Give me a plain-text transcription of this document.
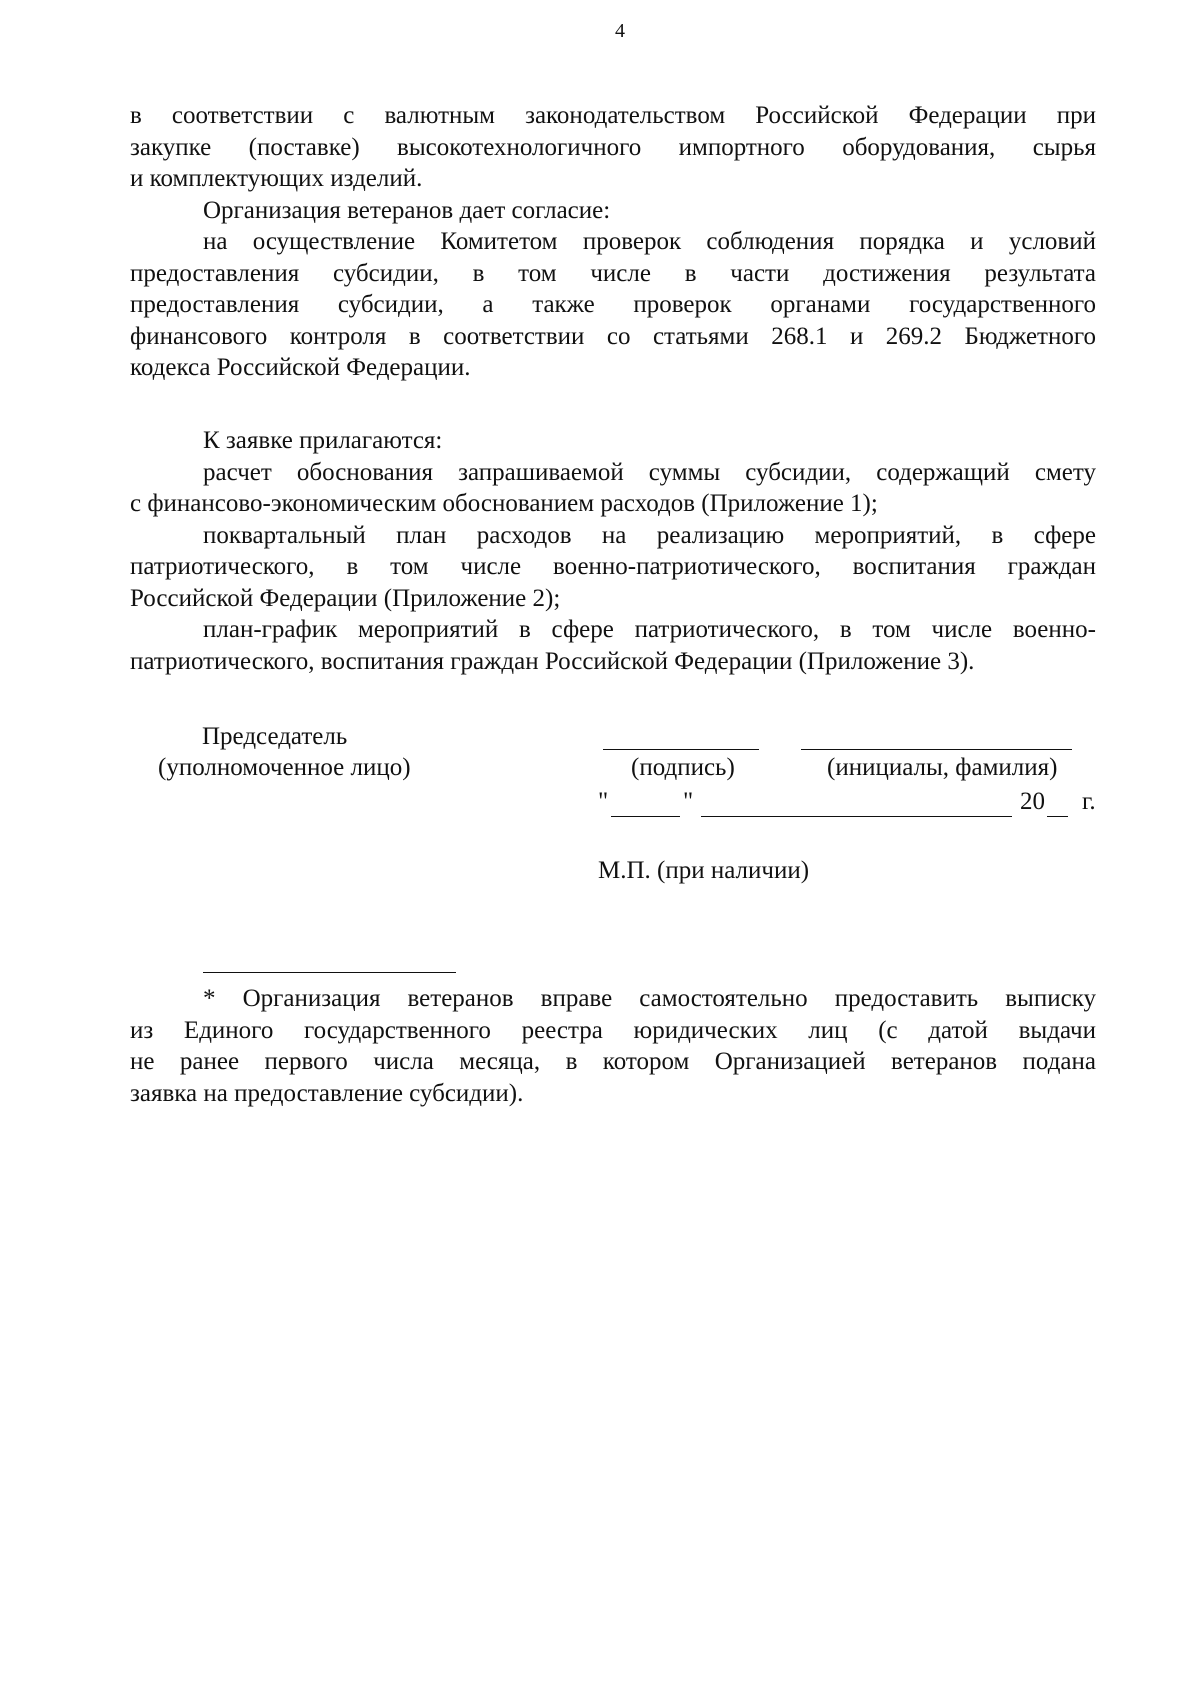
4
в соответствии с валютным законодательством Российской Федерации при
закупке (поставке) высокотехнологичного импортного оборудования, сырья
и комплектующих изделий.
Организация ветеранов дает согласие:
на осуществление Комитетом проверок соблюдения порядка и условий
предоставления субсидии, в том числе в части достижения результата
предоставления субсидии, а также проверок органами государственного
финансового контроля в соответствии со статьями 268.1 и 269.2 Бюджетного
кодекса Российской Федерации.
К заявке прилагаются:
расчет обоснования запрашиваемой суммы субсидии, содержащий смету
с финансово-экономическим обоснованием расходов (Приложение 1);
поквартальный план расходов на реализацию мероприятий, в сфере
патриотического, в том числе военно-патриотического, воспитания граждан
Российской Федерации (Приложение 2);
план-график мероприятий в сфере патриотического, в том числе военно-
патриотического, воспитания граждан Российской Федерации (Приложение 3).
Председатель
(уполномоченное лицо)	(подпись)	(инициалы, фамилия)
"	"	20 г.
М.П. (при наличии)
* Организация ветеранов вправе самостоятельно предоставить выписку
из Единого государственного реестра юридических лиц (с датой выдачи
не ранее первого числа месяца, в котором Организацией ветеранов подана
заявка на предоставление субсидии).
